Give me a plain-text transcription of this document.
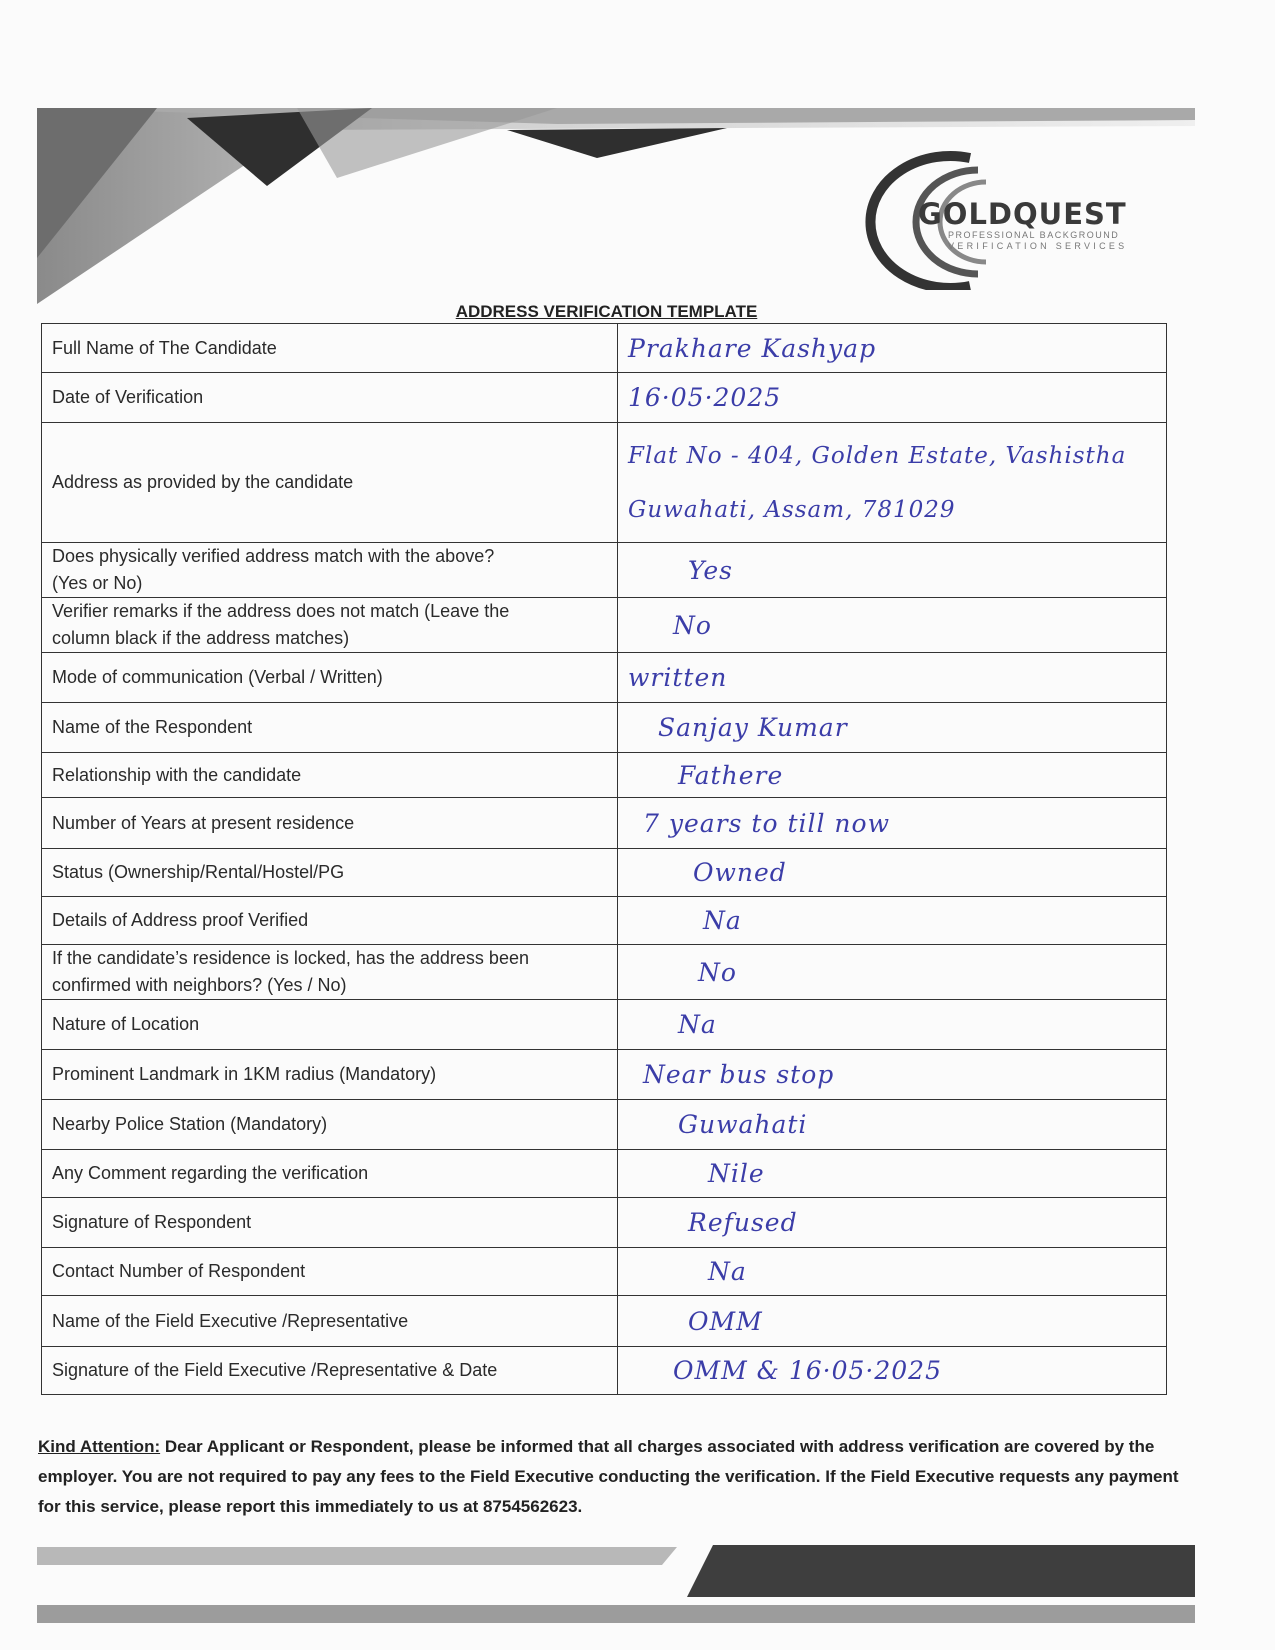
GOLDQUEST
PROFESSIONAL BACKGROUND
VERIFICATION SERVICES
ADDRESS VERIFICATION TEMPLATE
Full Name of The Candidate	Prakhare Kashyap
Date of Verification	16·05·2025
Address as provided by the candidate	Flat No - 404, Golden Estate, Vashistha
Guwahati, Assam, 781029

Does physically verified address match with the above?
(Yes or No)	Yes

Verifier remarks if the address does not match (Leave the
column black if the address matches)	No
Mode of communication (Verbal / Written)	written
Name of the Respondent	Sanjay Kumar
Relationship with the candidate	Fathere
Number of Years at present residence	7 years to till now
Status (Ownership/Rental/Hostel/PG	Owned
Details of Address proof Verified	Na

If the candidate’s residence is locked, has the address been
confirmed with neighbors? (Yes / No)	No
Nature of Location	Na
Prominent Landmark in 1KM radius (Mandatory)	Near bus stop
Nearby Police Station (Mandatory)	Guwahati
Any Comment regarding the verification	Nile
Signature of Respondent	Refused
Contact Number of Respondent	Na
Name of the Field Executive /Representative	OMM
Signature of the Field Executive /Representative & Date	OMM & 16·05·2025
Kind Attention: Dear Applicant or Respondent, please be informed that all charges associated with address verification are covered by the employer. You are not required to pay any fees to the Field Executive conducting the verification. If the Field Executive requests any payment for this service, please report this immediately to us at 8754562623.
